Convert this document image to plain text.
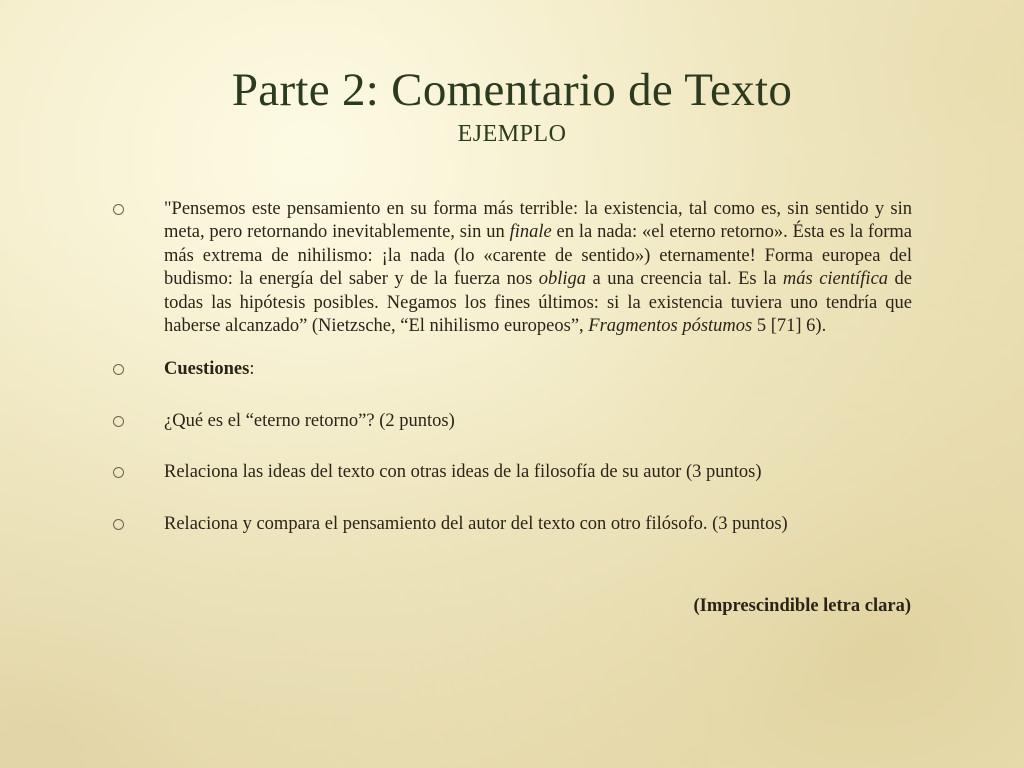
Parte 2: Comentario de Texto
EJEMPLO
"Pensemos este pensamiento en su forma más terrible: la existencia, tal como es, sin sentido y sin meta, pero retornando inevitablemente, sin un finale en la nada: «el eterno retorno». Ésta es la forma más extrema de nihilismo: ¡la nada (lo «carente de sentido») eternamente! Forma europea del budismo: la energía del saber y de la fuerza nos obliga a una creencia tal. Es la más científica de todas las hipótesis posibles. Negamos los fines últimos: si la existencia tuviera uno tendría que haberse alcanzado” (Nietzsche, “El nihilismo europeos”, Fragmentos póstumos 5 [71] 6).
Cuestiones:
¿Qué es el “eterno retorno”? (2 puntos)
Relaciona las ideas del texto con otras ideas de la filosofía de su autor (3 puntos)
Relaciona y compara el pensamiento del autor del texto con otro filósofo. (3 puntos)
(Imprescindible letra clara)
